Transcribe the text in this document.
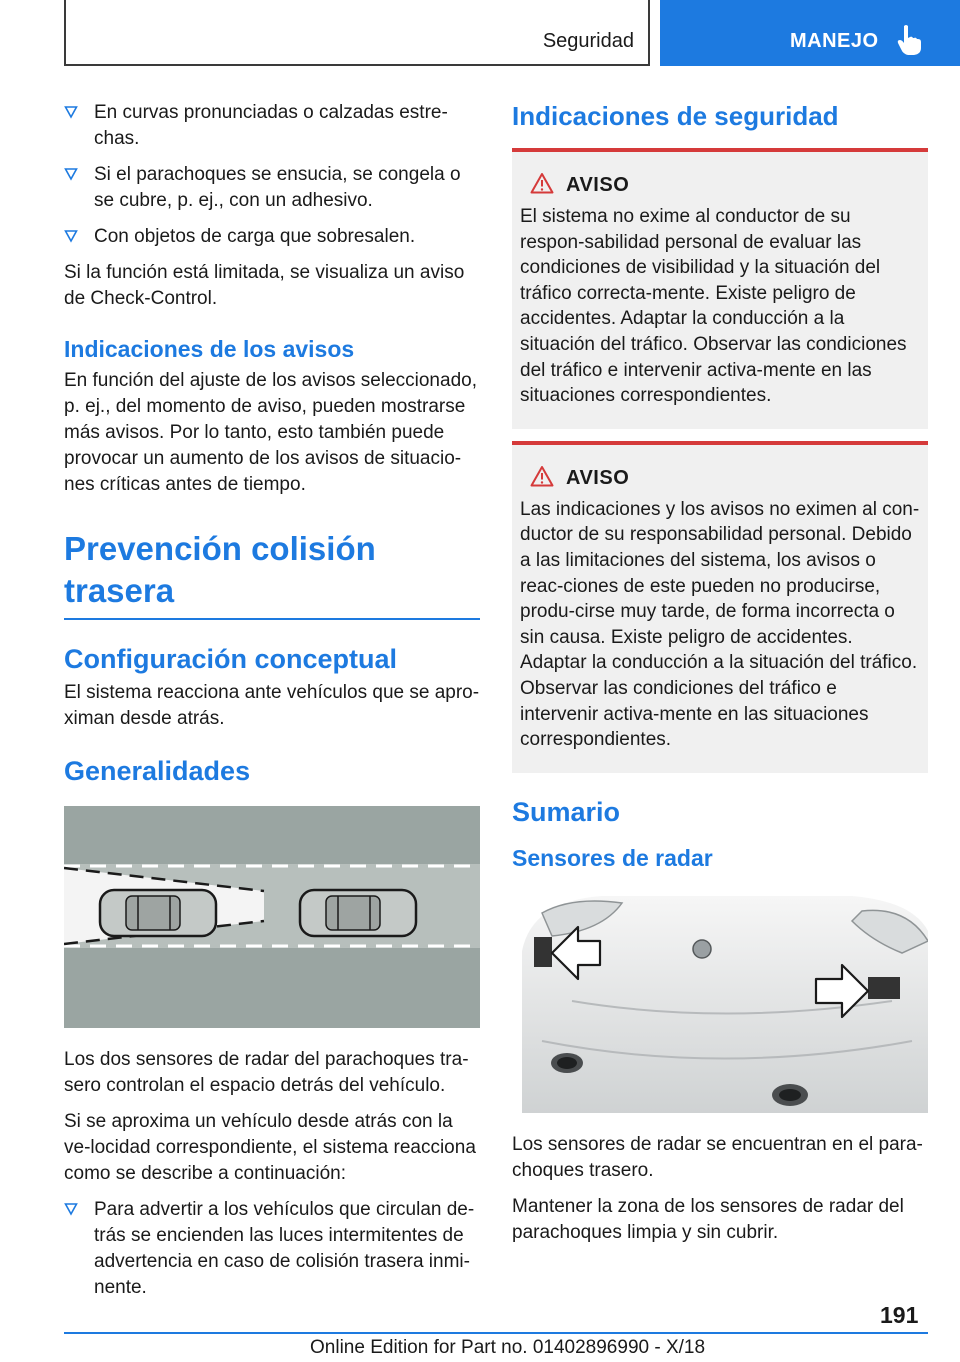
Seguridad	MANEJO
En curvas pronunciadas o calzadas estre-chas.
Si el parachoques se ensucia, se congela o se cubre, p. ej., con un adhesivo.
Con objetos de carga que sobresalen.

Si la función está limitada, se visualiza un aviso de Check-Control.

Indicaciones de los avisos

En función del ajuste de los avisos seleccionado, p. ej., del momento de aviso, pueden mostrarse más avisos. Por lo tanto, esto también puede provocar un aumento de los avisos de situacio-nes críticas antes de tiempo.

Prevención colisión trasera
Configuración conceptual

El sistema reacciona ante vehículos que se apro-ximan desde atrás.

Generalidades

Los dos sensores de radar del parachoques tra-sero controlan el espacio detrás del vehículo.

Si se aproxima un vehículo desde atrás con la ve-locidad correspondiente, el sistema reacciona como se describe a continuación:

Para advertir a los vehículos que circulan de-trás se encienden las luces intermitentes de advertencia en caso de colisión trasera inmi-nente.
Indicaciones de seguridad
AVISO
El sistema no exime al conductor de su respon-sabilidad personal de evaluar las condiciones de visibilidad y la situación del tráfico correcta-mente. Existe peligro de accidentes. Adaptar la conducción a la situación del tráfico. Observar las condiciones del tráfico e intervenir activa-mente en las situaciones correspondientes.
AVISO
Las indicaciones y los avisos no eximen al con-ductor de su responsabilidad personal. Debido a las limitaciones del sistema, los avisos o reac-ciones de este pueden no producirse, produ-cirse muy tarde, de forma incorrecta o sin causa. Existe peligro de accidentes. Adaptar la conducción a la situación del tráfico. Observar las condiciones del tráfico e intervenir activa-mente en las situaciones correspondientes.
Sumario
Sensores de radar

Los sensores de radar se encuentran en el para-choques trasero.

Mantener la zona de los sensores de radar del parachoques limpia y sin cubrir.

191
Online Edition for Part no. 01402896990 - X/18
